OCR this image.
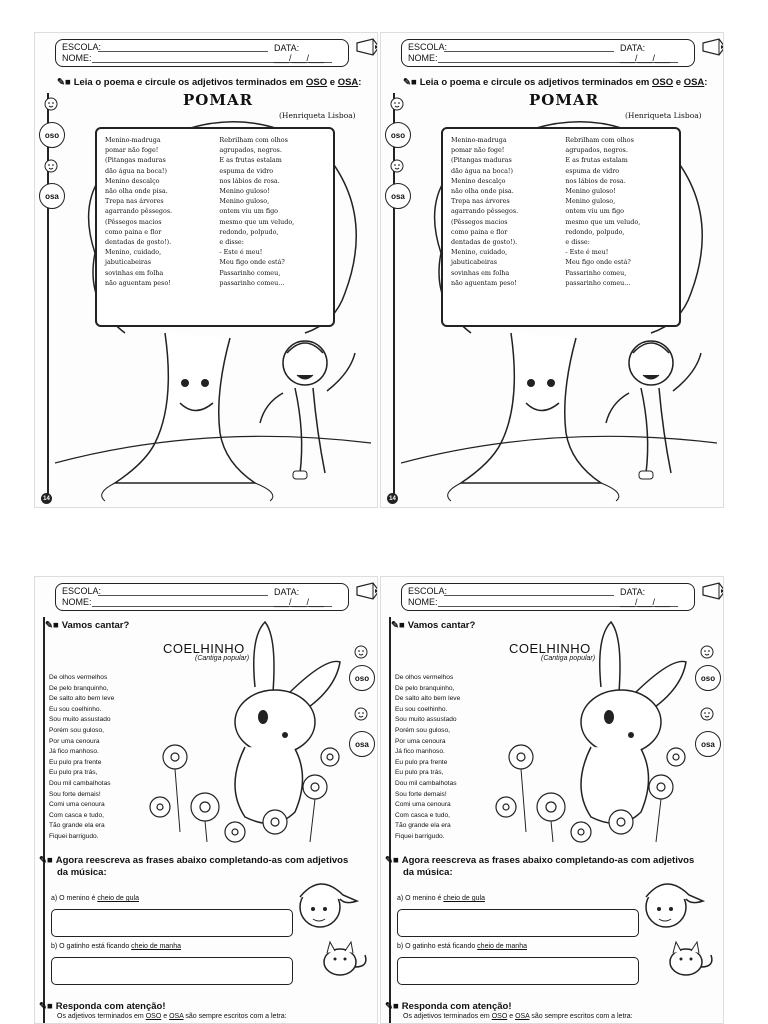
ESCOLA:
NOME:
DATA: ___/___/___
✎■ Leia o poema e circule os adjetivos terminados em OSO e OSA:
POMAR
(Henriqueta Lisboa)
oso
osa
Menino-madruga
pomar não foge!
(Pitangas maduras
dão água na boca!)
Menino descalço
não olha onde pisa.
Trepa nas árvores
agarrando pêssegos.
(Pêssegos macios
como paina e flor
dentadas de gosto!).
Menino, cuidado,
jabuticabeiras
sovinhas em folha
não aguentam peso!
Rebrilham com olhos
agrupados, negros.
E as frutas estalam
espuma de vidro
nos lábios de rosa.
Menino guloso!
Menino guloso,
ontem viu um figo
mesmo que um veludo,
redondo, polpudo,
e disse:
- Este é meu!
Meu figo onde está?
Passarinho comeu,
passarinho comeu...
14
ESCOLA:
NOME:
DATA: ___/___/___
✎■ Leia o poema e circule os adjetivos terminados em OSO e OSA:
POMAR
(Henriqueta Lisboa)
oso
osa
Menino-madruga
pomar não foge!
(Pitangas maduras
dão água na boca!)
Menino descalço
não olha onde pisa.
Trepa nas árvores
agarrando pêssegos.
(Pêssegos macios
como paina e flor
dentadas de gosto!).
Menino, cuidado,
jabuticabeiras
sovinhas em folha
não aguentam peso!
Rebrilham com olhos
agrupados, negros.
E as frutas estalam
espuma de vidro
nos lábios de rosa.
Menino guloso!
Menino guloso,
ontem viu um figo
mesmo que um veludo,
redondo, polpudo,
e disse:
- Este é meu!
Meu figo onde está?
Passarinho comeu,
passarinho comeu...
14
ESCOLA:
NOME:
DATA: ___/___/___
✎■ Vamos cantar?
COELHINHO
(Cantiga popular)
oso
osa
De olhos vermelhos
De pelo branquinho,
De salto alto bem leve
Eu sou coelhinho.
Sou muito assustado
Porém sou guloso,
Por uma cenoura
Já fico manhoso.
Eu pulo pra frente
Eu pulo pra trás,
Dou mil cambalhotas
Sou forte demais!
Comi uma cenoura
Com casca e tudo,
Tão grande ela era
Fiquei barrigudo.
✎■ Agora reescreva as frases abaixo completando-as com adjetivos
da música:
a) O menino é cheio de gula
b) O gatinho está ficando cheio de manha
✎■ Responda com atenção!
Os adjetivos terminados em OSO e OSA são sempre escritos com a letra:
ESCOLA:
NOME:
DATA: ___/___/___
✎■ Vamos cantar?
COELHINHO
(Cantiga popular)
oso
osa
De olhos vermelhos
De pelo branquinho,
De salto alto bem leve
Eu sou coelhinho.
Sou muito assustado
Porém sou guloso,
Por uma cenoura
Já fico manhoso.
Eu pulo pra frente
Eu pulo pra trás,
Dou mil cambalhotas
Sou forte demais!
Comi uma cenoura
Com casca e tudo,
Tão grande ela era
Fiquei barrigudo.
✎■ Agora reescreva as frases abaixo completando-as com adjetivos
da música:
a) O menino é cheio de gula
b) O gatinho está ficando cheio de manha
✎■ Responda com atenção!
Os adjetivos terminados em OSO e OSA são sempre escritos com a letra:
